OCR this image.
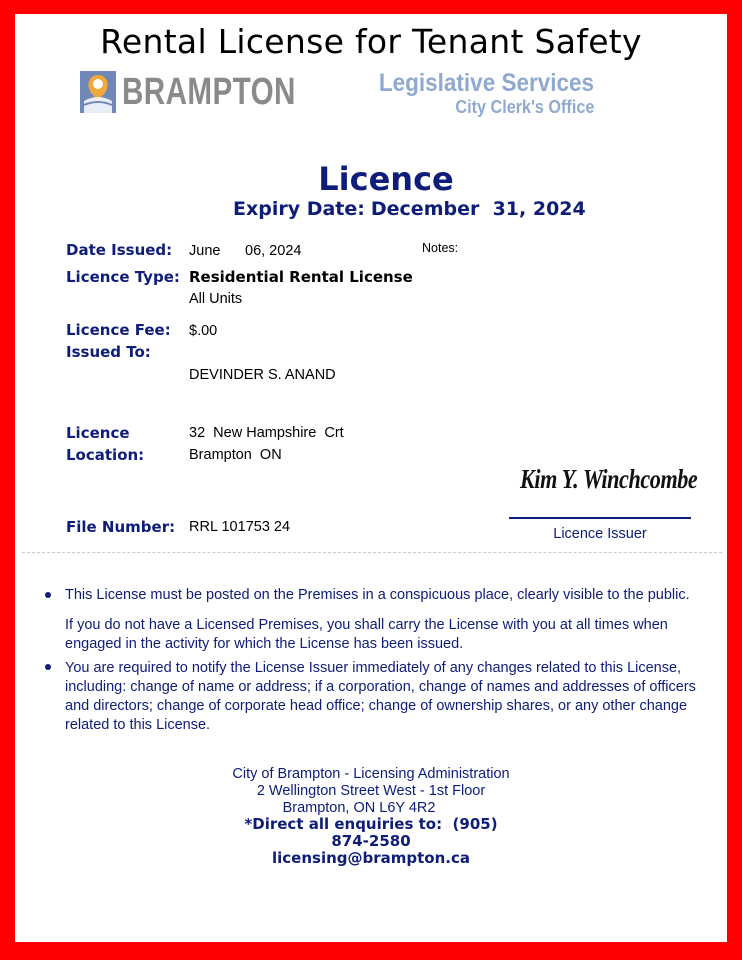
Rental License for Tenant Safety
BRAMPTON	Legislative Services
City Clerk's Office
Licence
Expiry Date: December  31, 2024
Date Issued: June 06, 2024	Notes:
Licence Type: Residential Rental License
All Units
Licence Fee: $.00
Issued To:
DEVINDER S. ANAND
Licence
Location:
32  New Hampshire  Crt
Brampton  ON
File Number: RRL 101753 24
Kim Y. Winchcombe
Licence Issuer
This License must be posted on the Premises in a conspicuous place, clearly visible to the public.
If you do not have a Licensed Premises, you shall carry the License with you at all times when engaged in the activity for which the License has been issued.
You are required to notify the License Issuer immediately of any changes related to this License, including: change of name or address; if a corporation, change of names and addresses of officers and directors; change of corporate head office; change of ownership shares, or any other change related to this License.
City of Brampton - Licensing Administration
2 Wellington Street West - 1st Floor
Brampton, ON L6Y 4R2
*Direct all enquiries to:  (905)
874-2580
licensing@brampton.ca
